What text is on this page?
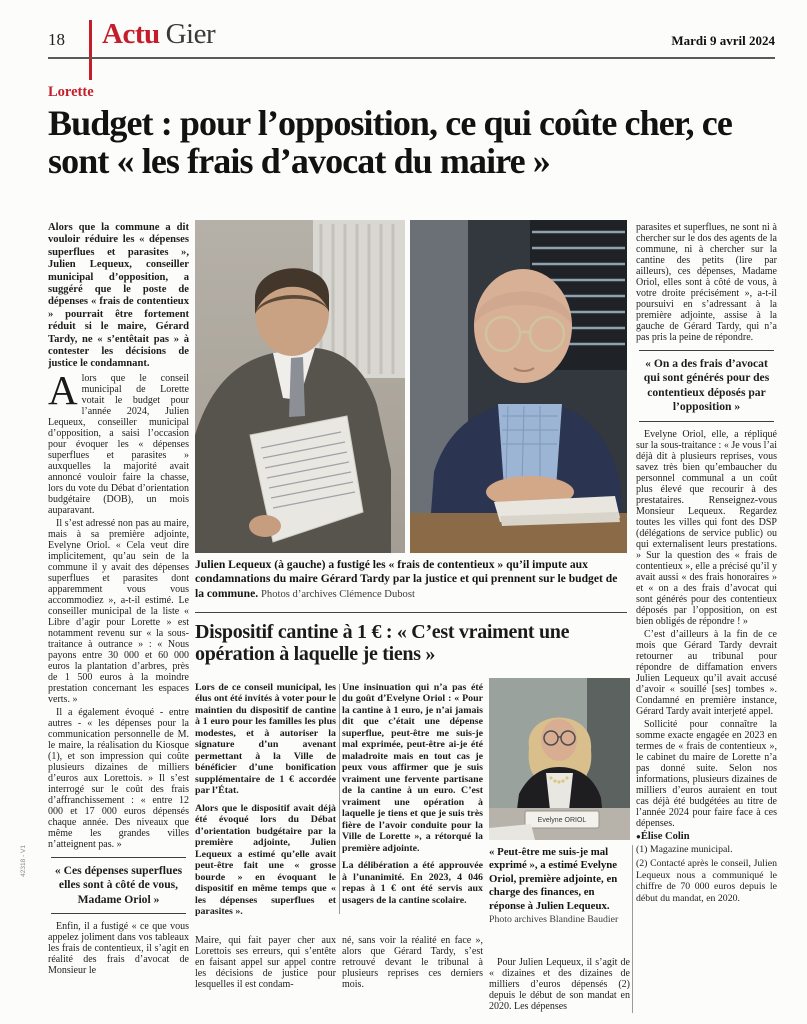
18 Actu Gier	Mardi 9 avril 2024
Lorette
Budget : pour l’opposition, ce qui coûte cher, ce sont « les frais d’avocat du maire »
42318 - V1

Alors que la commune a dit vouloir réduire les « dépenses superflues et parasites », Julien Lequeux, conseiller municipal d’opposition, a suggéré que le poste de dépenses « frais de contentieux » pourrait être fortement réduit si le maire, Gérard Tardy, ne « s’entêtait pas » à contester les décisions de justice le condamnant.

Alors que le conseil municipal de Lorette votait le budget pour l’année 2024, Julien Lequeux, conseiller municipal d’opposition, a saisi l’occasion pour évoquer les « dépenses superflues et parasites » auxquelles la majorité avait annoncé vouloir faire la chasse, lors du vote du Débat d’orientation budgétaire (DOB), un mois auparavant.

Il s’est adressé non pas au maire, mais à sa première adjointe, Evelyne Oriol. « Cela veut dire implicitement, qu’au sein de la commune il y avait des dépenses superflues et parasites dont apparemment vous vous accommodiez », a-t-il estimé. Le conseiller municipal de la liste « Libre d’agir pour Lorette » est notamment revenu sur « la sous-traitance à outrance » : « Nous payons entre 30 000 et 60 000 euros la plantation d’arbres, près de 1 500 euros à la moindre prestation concernant les espaces verts. »

Il a également évoqué - entre autres - « les dépenses pour la communication personnelle de M. le maire, la réalisation du Kiosque (1), et son impression qui coûte plusieurs dizaines de milliers d’euros aux Lorettois. » Il s’est interrogé sur le coût des frais d’affranchissement : « entre 12 000 et 17 000 euros dépensés chaque année. Des niveaux que même les grandes villes n’atteignent pas. »

« Ces dépenses superflues elles sont à côté de vous, Madame Oriol »

Enfin, il a fustigé « ce que vous appelez joliment dans vos tableaux les frais de contentieux, il s’agit en réalité des frais d’avocat de Monsieur le

Julien Lequeux (à gauche) a fustigé les « frais de contentieux » qu’il impute aux condamnations du maire Gérard Tardy par la justice et qui prennent sur le budget de la commune. Photos d’archives Clémence Dubost
Dispositif cantine à 1 € : « C’est vraiment une opération à laquelle je tiens »

Lors de ce conseil municipal, les élus ont été invités à voter pour le maintien du dispositif de cantine à 1 euro pour les familles les plus modestes, et à autoriser la signature d’un avenant permettant à la Ville de bénéficier d’une bonification supplémentaire de 1 € accordée par l’État.

Alors que le dispositif avait déjà été évoqué lors du Débat d’orientation budgétaire par la première adjointe, Julien Lequeux a estimé qu’elle avait peut-être fait une « grosse bourde » en évoquant le dispositif en même temps que « les dépenses superflues et parasites ».

Une insinuation qui n’a pas été du goût d’Evelyne Oriol : « Pour la cantine à 1 euro, je n’ai jamais dit que c’était une dépense superflue, peut-être me suis-je mal exprimée, peut-être ai-je été maladroite mais en tout cas je peux vous affirmer que je suis vraiment une fervente partisane de la cantine à un euro. C’est vraiment une opération à laquelle je tiens et que je suis très fière de l’avoir conduite pour la Ville de Lorette », a rétorqué la première adjointe.

La délibération a été approuvée à l’unanimité. En 2023, 4 046 repas à 1 € ont été servis aux usagers de la cantine scolaire.

Evelyne ORIOL
« Peut-être me suis-je mal exprimé », a estimé Evelyne Oriol, première adjointe, en charge des finances, en réponse à Julien Lequeux. Photo archives Blandine Baudier

Maire, qui fait payer cher aux Lorettois ses erreurs, qui s’entête en faisant appel sur appel contre les décisions de justice pour lesquelles il est condam-

né, sans voir la réalité en face », alors que Gérard Tardy, s’est retrouvé devant le tribunal à plusieurs reprises ces derniers mois.

Pour Julien Lequeux, il s’agit de « dizaines et des dizaines de milliers d’euros dépensés (2) depuis le début de son mandat en 2020. Les dépenses

parasites et superflues, ne sont ni à chercher sur le dos des agents de la commune, ni à chercher sur la cantine des petits (lire par ailleurs), ces dépenses, Madame Oriol, elles sont à côté de vous, à votre droite précisément », a-t-il poursuivi en s’adressant à la première adjointe, assise à la gauche de Gérard Tardy, qui n’a pas pris la peine de répondre.

« On a des frais d’avocat qui sont générés pour des contentieux déposés par l’opposition »

Evelyne Oriol, elle, a répliqué sur la sous-traitance : « Je vous l’ai déjà dit à plusieurs reprises, vous savez très bien qu’embaucher du personnel communal a un coût plus élevé que recourir à des prestataires. Renseignez-vous Monsieur Lequeux. Regardez toutes les villes qui font des DSP (délégations de service public) ou qui externalisent leurs prestations. » Sur la question des « frais de contentieux », elle a précisé qu’il y avait aussi « des frais honoraires » et « on a des frais d’avocat qui sont générés pour des contentieux déposés par l’opposition, on est bien obligés de répondre ! »

C’est d’ailleurs à la fin de ce mois que Gérard Tardy devrait retourner au tribunal pour répondre de diffamation envers Julien Lequeux qu’il avait accusé d’avoir « souillé [ses] tombes ». Condamné en première instance, Gérard Tardy avait interjeté appel.

Sollicité pour connaître la somme exacte engagée en 2023 en termes de « frais de contentieux », le cabinet du maire de Lorette n’a pas donné suite. Selon nos informations, plusieurs dizaines de milliers d’euros auraient en tout cas déjà été budgétées au titre de l’année 2024 pour faire face à ces dépenses.

● Élise Colin

(1) Magazine municipal.

(2) Contacté après le conseil, Julien Lequeux nous a communiqué le chiffre de 70 000 euros depuis le début du mandat, en 2020.
